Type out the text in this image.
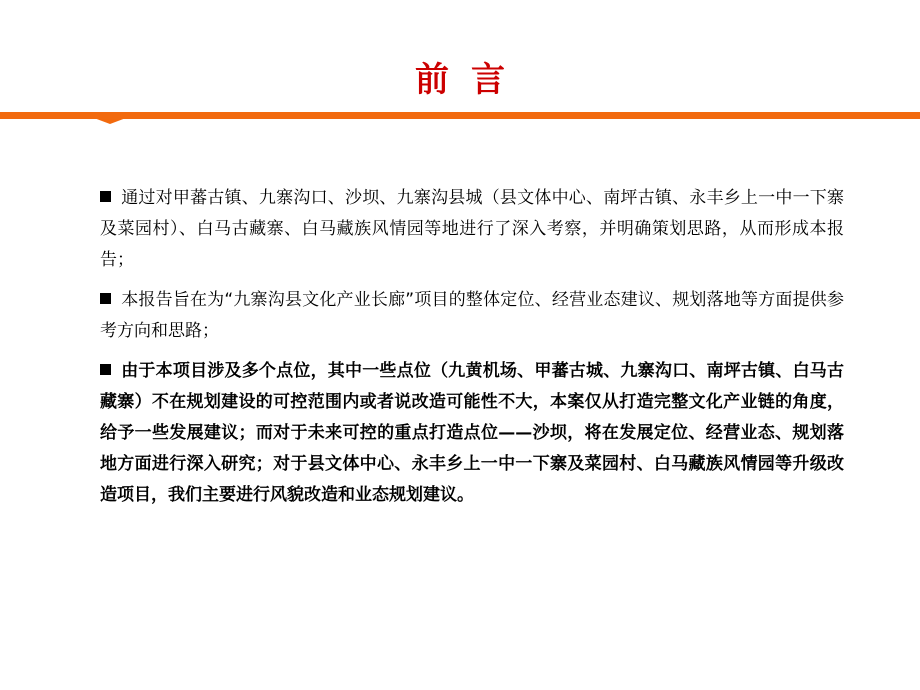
前言

通过对甲蕃古镇、九寨沟口、沙坝、九寨沟县城（县文体中心、南坪古镇、永丰乡上一中一下寨及菜园村）、白马古藏寨、白马藏族风情园等地进行了深入考察，并明确策划思路，从而形成本报告；

本报告旨在为“九寨沟县文化产业长廊”项目的整体定位、经营业态建议、规划落地等方面提供参考方向和思路；

由于本项目涉及多个点位，其中一些点位（九黄机场、甲蕃古城、九寨沟口、南坪古镇、白马古藏寨）不在规划建设的可控范围内或者说改造可能性不大，本案仅从打造完整文化产业链的角度，给予一些发展建议；而对于未来可控的重点打造点位——沙坝，将在发展定位、经营业态、规划落地方面进行深入研究；对于县文体中心、永丰乡上一中一下寨及菜园村、白马藏族风情园等升级改造项目，我们主要进行风貌改造和业态规划建议。
